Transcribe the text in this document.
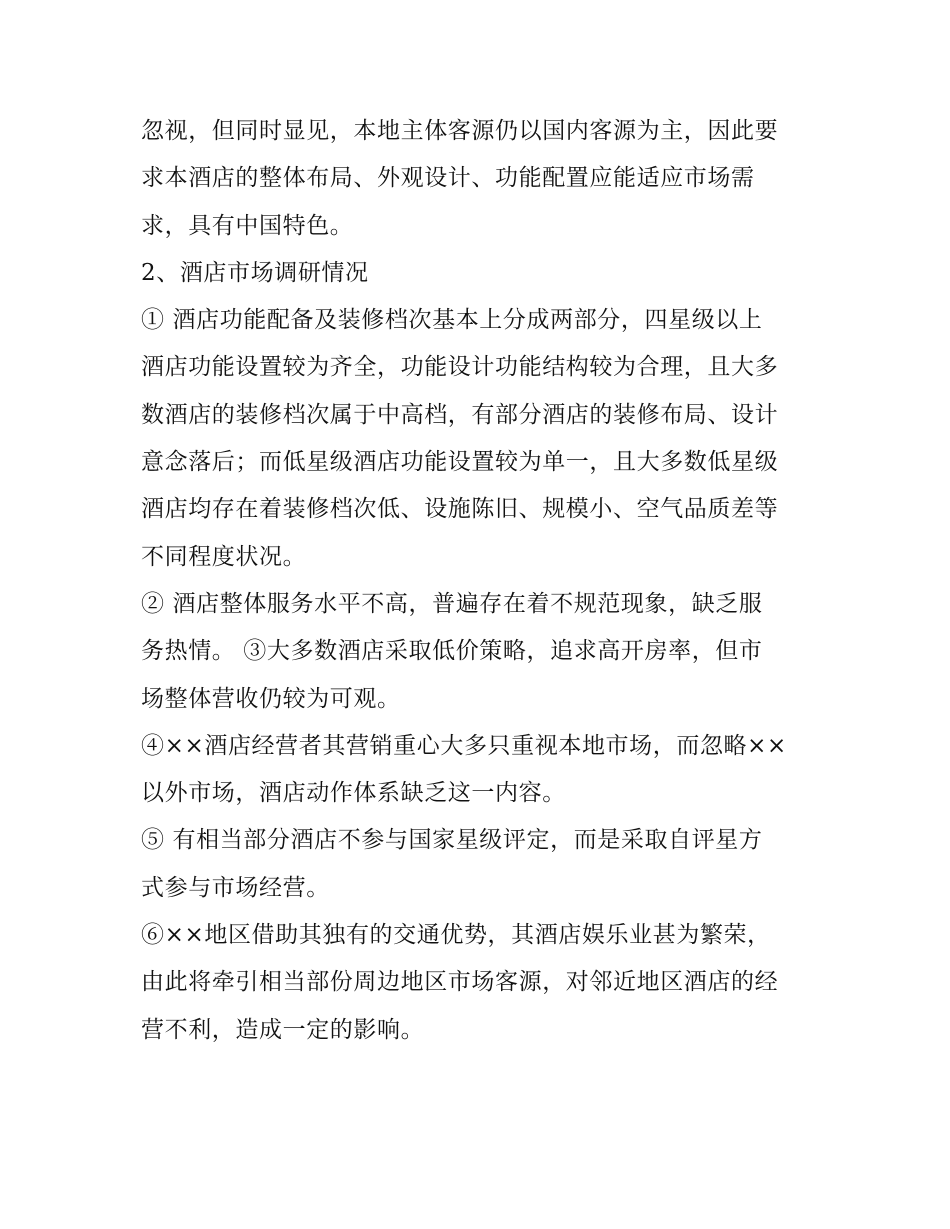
忽视，但同时显见，本地主体客源仍以国内客源为主，因此要
求本酒店的整体布局、外观设计、功能配置应能适应市场需
求，具有中国特色。
2、酒店市场调研情况
① 酒店功能配备及装修档次基本上分成两部分，四星级以上
酒店功能设置较为齐全，功能设计功能结构较为合理，且大多
数酒店的装修档次属于中高档，有部分酒店的装修布局、设计
意念落后；而低星级酒店功能设置较为单一，且大多数低星级
酒店均存在着装修档次低、设施陈旧、规模小、空气品质差等
不同程度状况。
② 酒店整体服务水平不高，普遍存在着不规范现象，缺乏服
务热情。 ③大多数酒店采取低价策略，追求高开房率，但市
场整体营收仍较为可观。
④××酒店经营者其营销重心大多只重视本地市场，而忽略××
以外市场，酒店动作体系缺乏这一内容。
⑤ 有相当部分酒店不参与国家星级评定，而是采取自评星方
式参与市场经营。
⑥××地区借助其独有的交通优势，其酒店娱乐业甚为繁荣，
由此将牵引相当部份周边地区市场客源，对邻近地区酒店的经
营不利，造成一定的影响。
